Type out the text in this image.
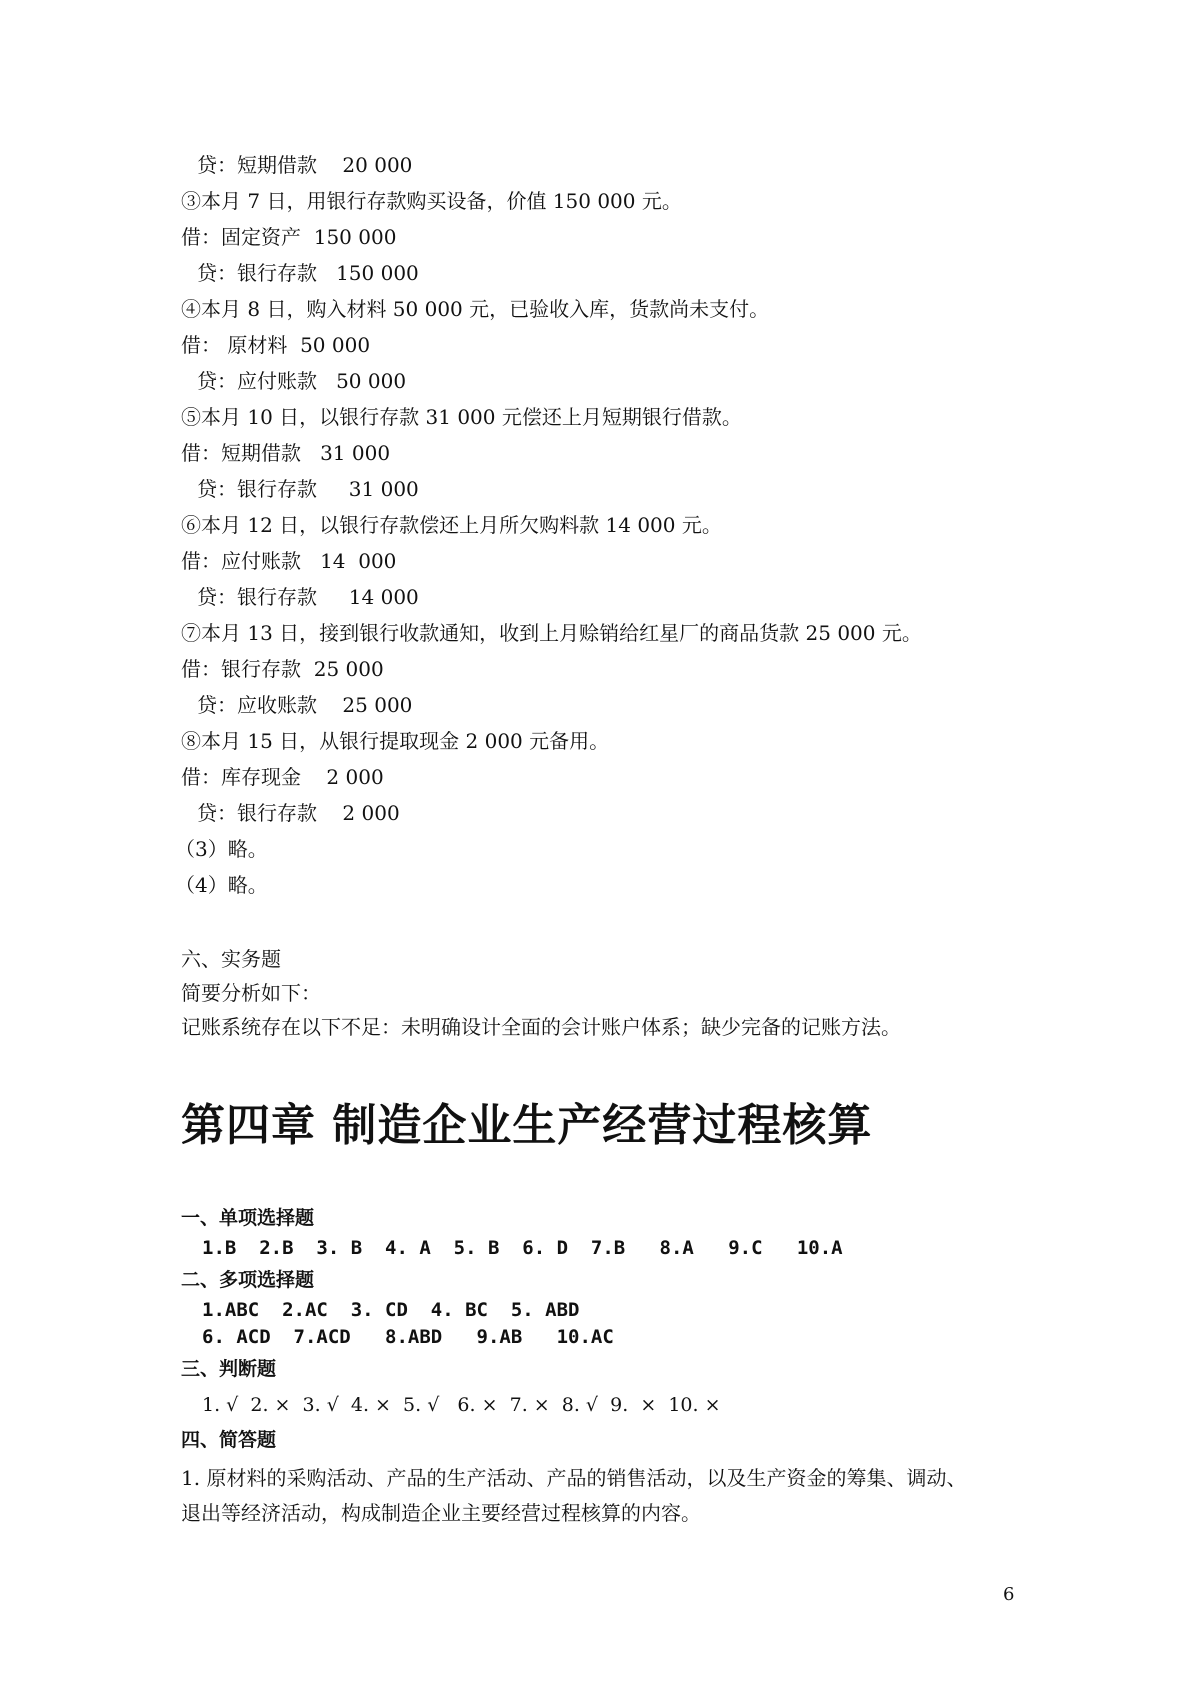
贷：短期借款    20 000

③本月 7 日，用银行存款购买设备，价值 150 000 元。

借：固定资产  150 000

贷：银行存款   150 000

④本月 8 日，购入材料 50 000 元，已验收入库，货款尚未支付。

借： 原材料  50 000

贷：应付账款   50 000

⑤本月 10 日，以银行存款 31 000 元偿还上月短期银行借款。

借：短期借款   31 000

贷：银行存款     31 000

⑥本月 12 日，以银行存款偿还上月所欠购料款 14 000 元。

借：应付账款   14  000

贷：银行存款     14 000

⑦本月 13 日，接到银行收款通知，收到上月赊销给红星厂的商品货款 25 000 元。

借：银行存款  25 000

贷：应收账款    25 000

⑧本月 15 日，从银行提取现金 2 000 元备用。

借：库存现金    2 000

贷：银行存款    2 000

（3）略。

（4）略。

六、实务题

简要分析如下：

记账系统存在以下不足：未明确设计全面的会计账户体系；缺少完备的记账方法。

第四章 制造企业生产经营过程核算

一、单项选择题

1.B  2.B  3. B  4. A  5. B  6. D  7.B   8.A   9.C   10.A

二、多项选择题

1.ABC  2.AC  3. CD  4. BC  5. ABD

6. ACD  7.ACD   8.ABD   9.AB   10.AC

三、判断题

1. √  2. ×  3. √  4. ×  5. √   6. ×  7. ×  8. √  9.  ×  10. ×

四、简答题

1. 原材料的采购活动、产品的生产活动、产品的销售活动，以及生产资金的筹集、调动、

退出等经济活动，构成制造企业主要经营过程核算的内容。

6
